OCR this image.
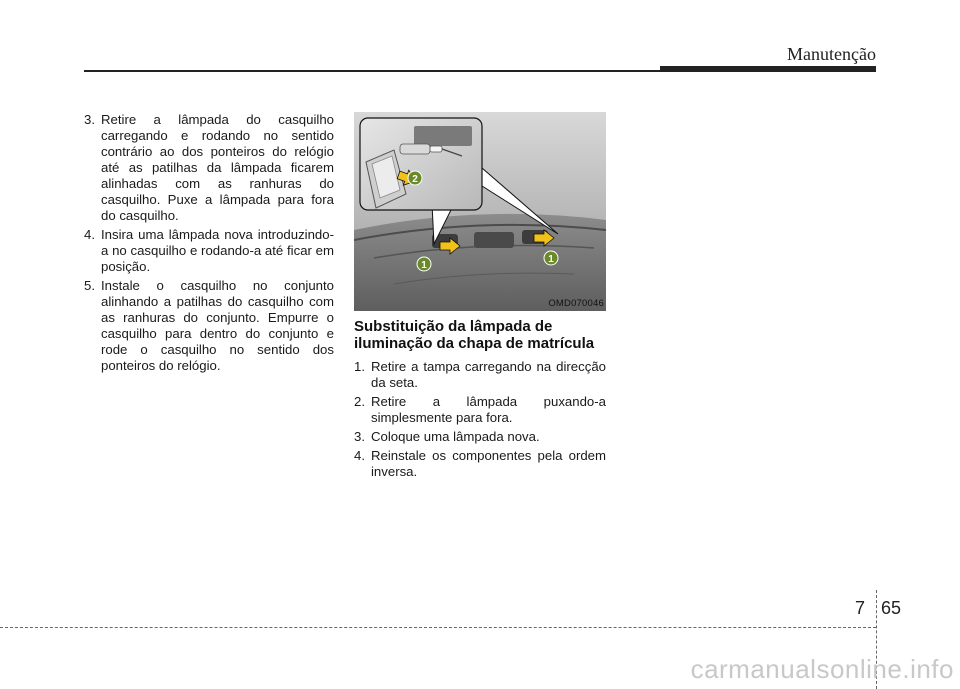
Manutenção
3. Retire a lâmpada do casquilho carregando e rodando no sentido contrário ao dos ponteiros do relógio até as patilhas da lâmpada ficarem alinhadas com as ranhuras do casquilho. Puxe a lâmpada para fora do casquilho.
4. Insira uma lâmpada nova introduzindo-a no casquilho e rodando-a até ficar em posição.
5. Instale o casquilho no conjunto alinhando a patilhas do casquilho com as ranhuras do conjunto. Empurre o casquilho para dentro do conjunto e rode o casquilho no sentido dos ponteiros do relógio.
2
1
1
OMD070046
Substituição da lâmpada de iluminação da chapa de matrícula
1. Retire a tampa carregando na direcção da seta.
2. Retire a lâmpada puxando-a simplesmente para fora.
3. Coloque uma lâmpada nova.
4. Reinstale os componentes pela ordem inversa.
7 65
carmanualsonline.info
